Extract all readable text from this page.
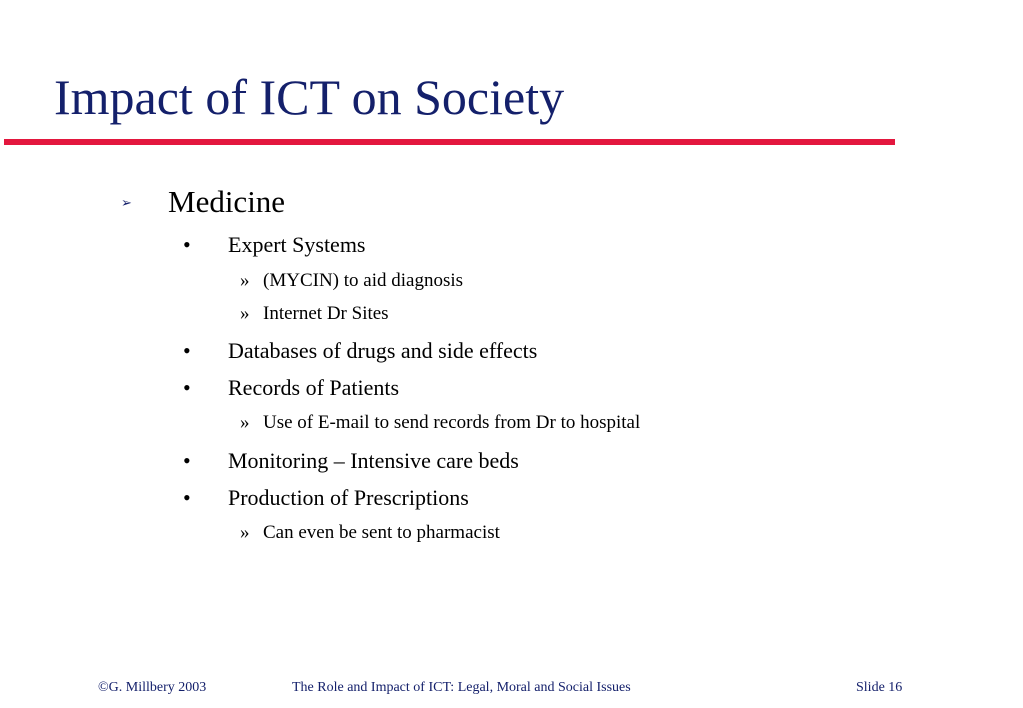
Impact of ICT on Society
➢ Medicine
• Expert Systems
» (MYCIN) to aid diagnosis
» Internet Dr Sites
• Databases of drugs and side effects
• Records of Patients
» Use of E-mail to send records from Dr to hospital
• Monitoring – Intensive care beds
• Production of Prescriptions
» Can even be sent to pharmacist
©G. Millbery 2003	The Role and Impact of ICT: Legal, Moral and Social Issues	Slide 16
